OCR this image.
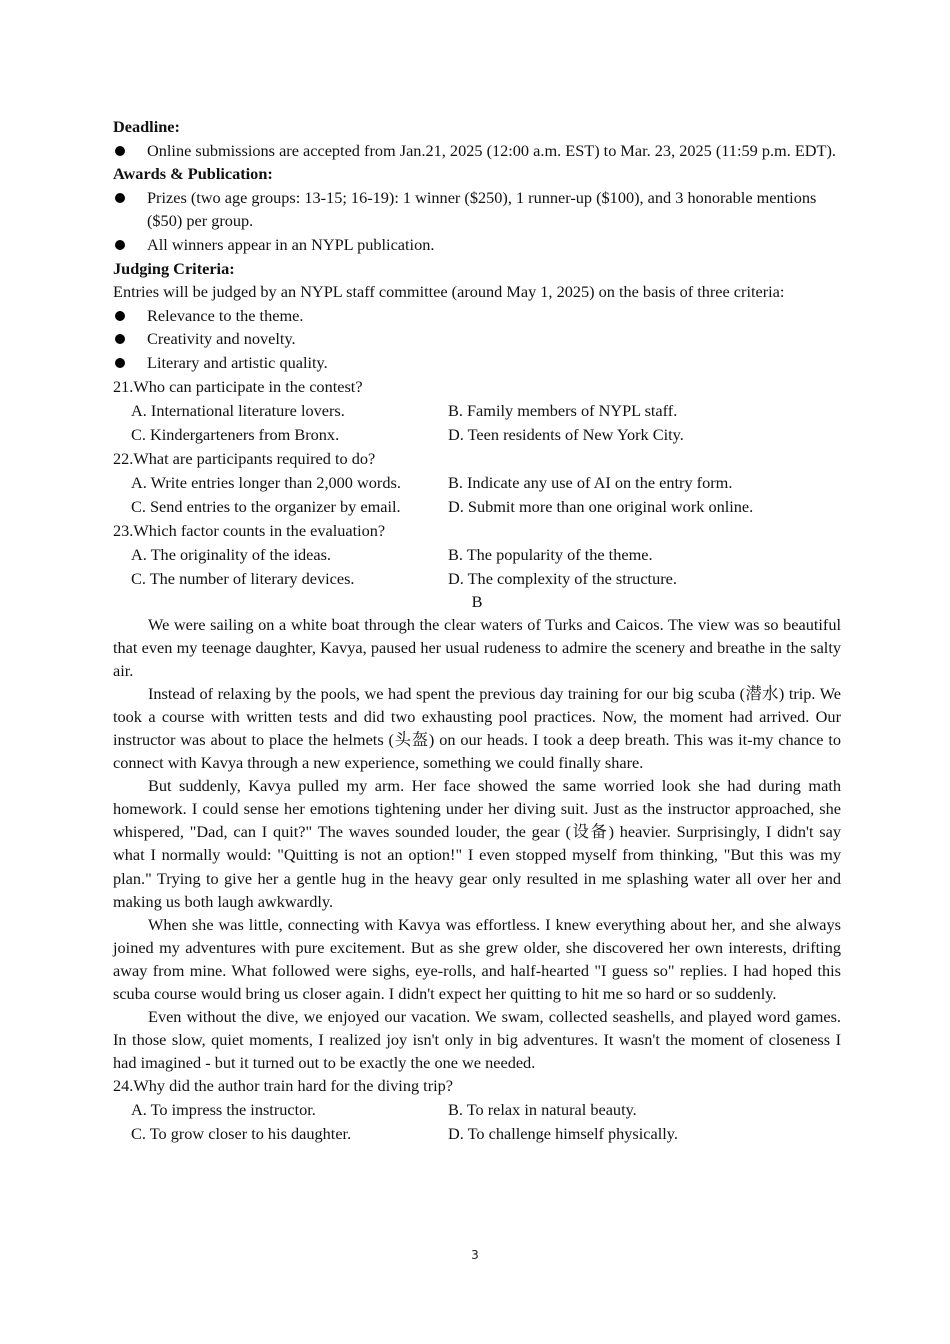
Deadline:
Online submissions are accepted from Jan.21, 2025 (12:00 a.m. EST) to Mar. 23, 2025 (11:59 p.m. EDT).
Awards & Publication:
Prizes (two age groups: 13-15; 16-19): 1 winner ($250), 1 runner-up ($100), and 3 honorable mentions ($50) per group.
All winners appear in an NYPL publication.
Judging Criteria:

Entries will be judged by an NYPL staff committee (around May 1, 2025) on the basis of three criteria:

Relevance to the theme.
Creativity and novelty.
Literary and artistic quality.
21.Who can participate in the contest?
A. International literature lovers.	B. Family members of NYPL staff.
C. Kindergarteners from Bronx.	D. Teen residents of New York City.
22.What are participants required to do?
A. Write entries longer than 2,000 words.	B. Indicate any use of AI on the entry form.
C. Send entries to the organizer by email.	D. Submit more than one original work online.
23.Which factor counts in the evaluation?
A. The originality of the ideas.	B. The popularity of the theme.
C. The number of literary devices.	D. The complexity of the structure.
B

We were sailing on a white boat through the clear waters of Turks and Caicos. The view was so beautiful that even my teenage daughter, Kavya, paused her usual rudeness to admire the scenery and breathe in the salty air.

Instead of relaxing by the pools, we had spent the previous day training for our big scuba (潜水) trip. We took a course with written tests and did two exhausting pool practices. Now, the moment had arrived. Our instructor was about to place the helmets (头盔) on our heads. I took a deep breath. This was it-my chance to connect with Kavya through a new experience, something we could finally share.

But suddenly, Kavya pulled my arm. Her face showed the same worried look she had during math homework. I could sense her emotions tightening under her diving suit. Just as the instructor approached, she whispered, "Dad, can I quit?" The waves sounded louder, the gear (设备) heavier. Surprisingly, I didn't say what I normally would: "Quitting is not an option!" I even stopped myself from thinking, "But this was my plan." Trying to give her a gentle hug in the heavy gear only resulted in me splashing water all over her and making us both laugh awkwardly.

When she was little, connecting with Kavya was effortless. I knew everything about her, and she always joined my adventures with pure excitement. But as she grew older, she discovered her own interests, drifting away from mine. What followed were sighs, eye-rolls, and half-hearted "I guess so" replies. I had hoped this scuba course would bring us closer again. I didn't expect her quitting to hit me so hard or so suddenly.

Even without the dive, we enjoyed our vacation. We swam, collected seashells, and played word games. In those slow, quiet moments, I realized joy isn't only in big adventures. It wasn't the moment of closeness I had imagined - but it turned out to be exactly the one we needed.

24.Why did the author train hard for the diving trip?
A. To impress the instructor.	B. To relax in natural beauty.
C. To grow closer to his daughter.	D. To challenge himself physically.
3
